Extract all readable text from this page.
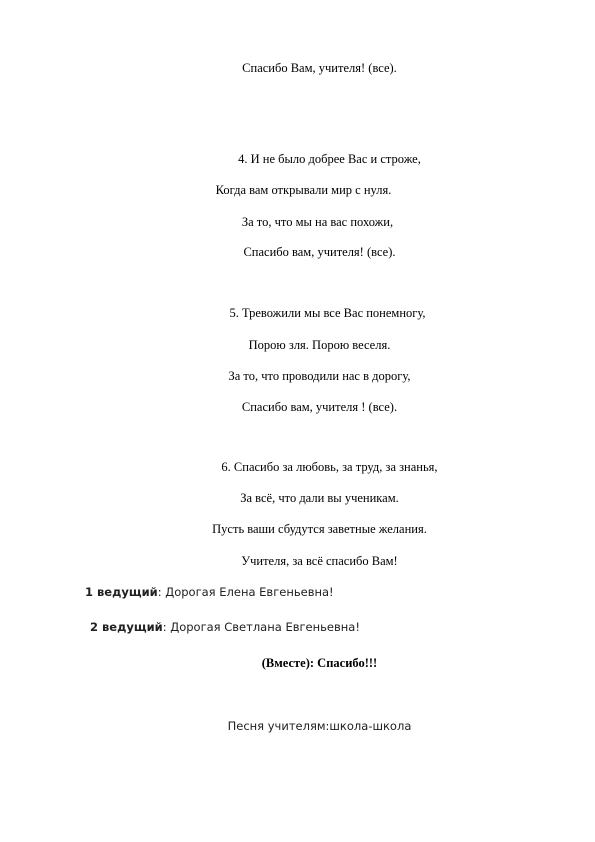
Спасибо Вам, учителя! (все).
4. И не было добрее Вас и строже,
Когда вам открывали мир с нуля.
За то, что мы на вас похожи,
Спасибо вам, учителя! (все).
5. Тревожили мы все Вас понемногу,
Порою зля. Порою веселя.
За то, что проводили нас в дорогу,
Спасибо вам, учителя ! (все).
6. Спасибо за любовь, за труд, за знанья,
За всё, что дали вы ученикам.
Пусть ваши сбудутся заветные желания.
Учителя, за всё спасибо Вам!
1 ведущий: Дорогая Елена Евгеньевна!
2 ведущий: Дорогая Светлана Евгеньевна!
(Вместе): Спасибо!!!
Песня учителям:школа-школа
